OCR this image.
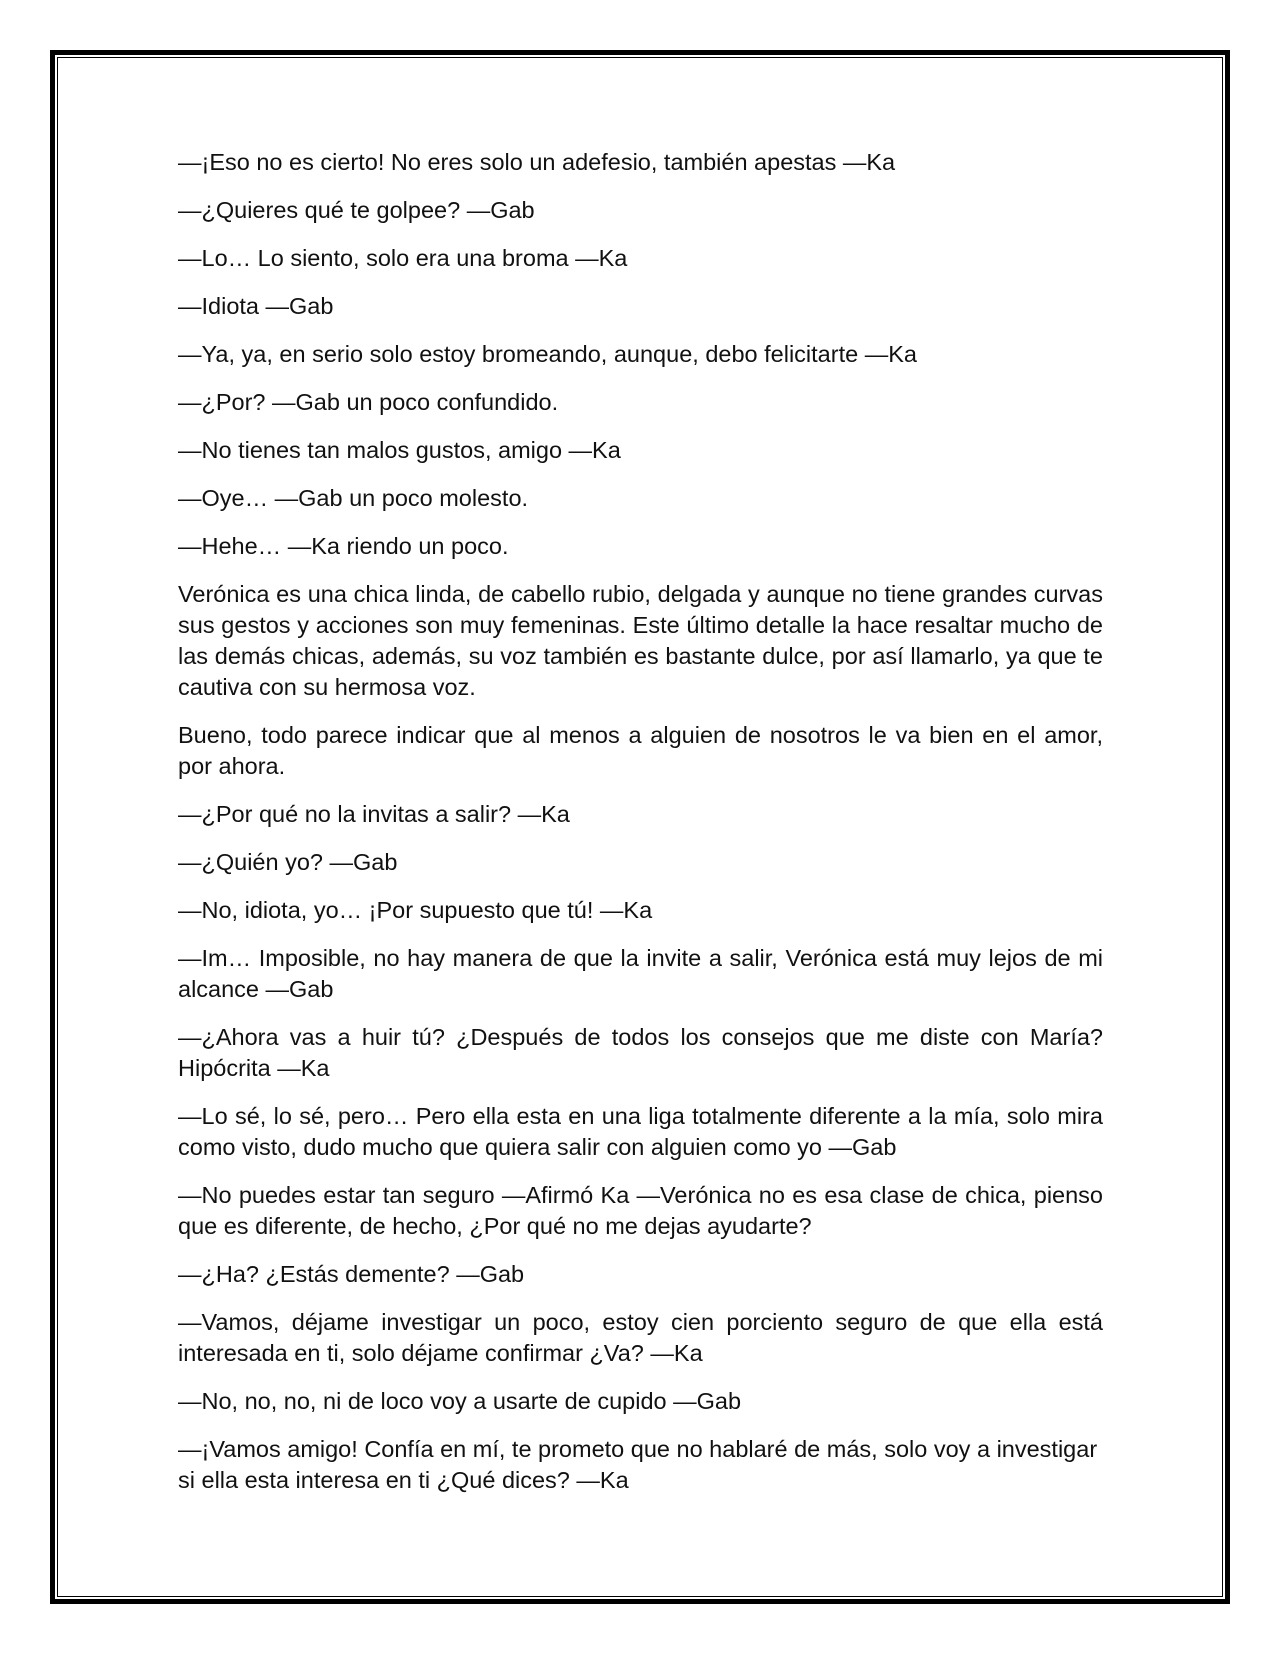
—¡Eso no es cierto! No eres solo un adefesio, también apestas —Ka

—¿Quieres qué te golpee? —Gab

—Lo… Lo siento, solo era una broma —Ka

—Idiota —Gab

—Ya, ya, en serio solo estoy bromeando, aunque, debo felicitarte —Ka

—¿Por? —Gab un poco confundido.

—No tienes tan malos gustos, amigo —Ka

—Oye… —Gab un poco molesto.

—Hehe… —Ka riendo un poco.

Verónica es una chica linda, de cabello rubio, delgada y aunque no tiene grandes curvas sus gestos y acciones son muy femeninas. Este último detalle la hace resaltar mucho de las demás chicas, además, su voz también es bastante dulce, por así llamarlo, ya que te cautiva con su hermosa voz.

Bueno, todo parece indicar que al menos a alguien de nosotros le va bien en el amor, por ahora.

—¿Por qué no la invitas a salir? —Ka

—¿Quién yo? —Gab

—No, idiota, yo… ¡Por supuesto que tú! —Ka

—Im… Imposible, no hay manera de que la invite a salir, Verónica está muy lejos de mi alcance —Gab

—¿Ahora vas a huir tú? ¿Después de todos los consejos que me diste con María? Hipócrita —Ka

—Lo sé, lo sé, pero… Pero ella esta en una liga totalmente diferente a la mía, solo mira como visto, dudo mucho que quiera salir con alguien como yo —Gab

—No puedes estar tan seguro —Afirmó Ka —Verónica no es esa clase de chica, pienso que es diferente, de hecho, ¿Por qué no me dejas ayudarte?

—¿Ha? ¿Estás demente? —Gab

—Vamos, déjame investigar un poco, estoy cien porciento seguro de que ella está interesada en ti, solo déjame confirmar ¿Va? —Ka

—No, no, no, ni de loco voy a usarte de cupido —Gab

—¡Vamos amigo! Confía en mí, te prometo que no hablaré de más, solo voy a investigar si ella esta interesa en ti ¿Qué dices? —Ka
